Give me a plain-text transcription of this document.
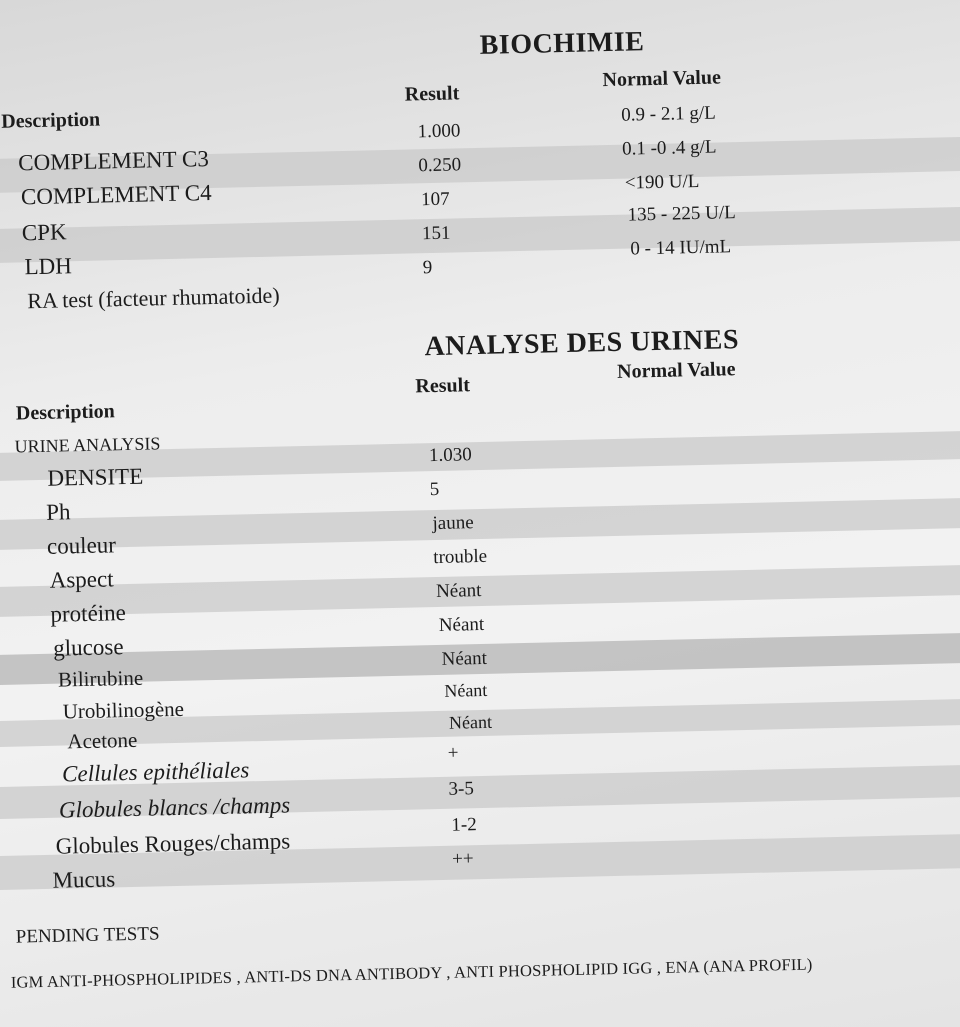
BIOCHIMIE
Description
Result
Normal Value
COMPLEMENT C3
1.000
0.9 - 2.1 g/L
COMPLEMENT C4
0.250
0.1 -0 .4 g/L
CPK
107
<190 U/L
LDH
151
135 - 225 U/L
RA test (facteur rhumatoide)
9
0 - 14 IU/mL
ANALYSE DES URINES
Description
Result
Normal Value
URINE ANALYSIS
DENSITE
1.030
Ph
5
couleur
jaune
Aspect
trouble
protéine
Néant
glucose
Néant
Bilirubine
Néant
Urobilinogène
Néant
Acetone
Néant
Cellules epithéliales
+
Globules blancs /champs
3-5
Globules Rouges/champs
1-2
Mucus
++
PENDING TESTS
IGM ANTI-PHOSPHOLIPIDES , ANTI-DS DNA ANTIBODY , ANTI PHOSPHOLIPID IGG , ENA (ANA PROFIL)
